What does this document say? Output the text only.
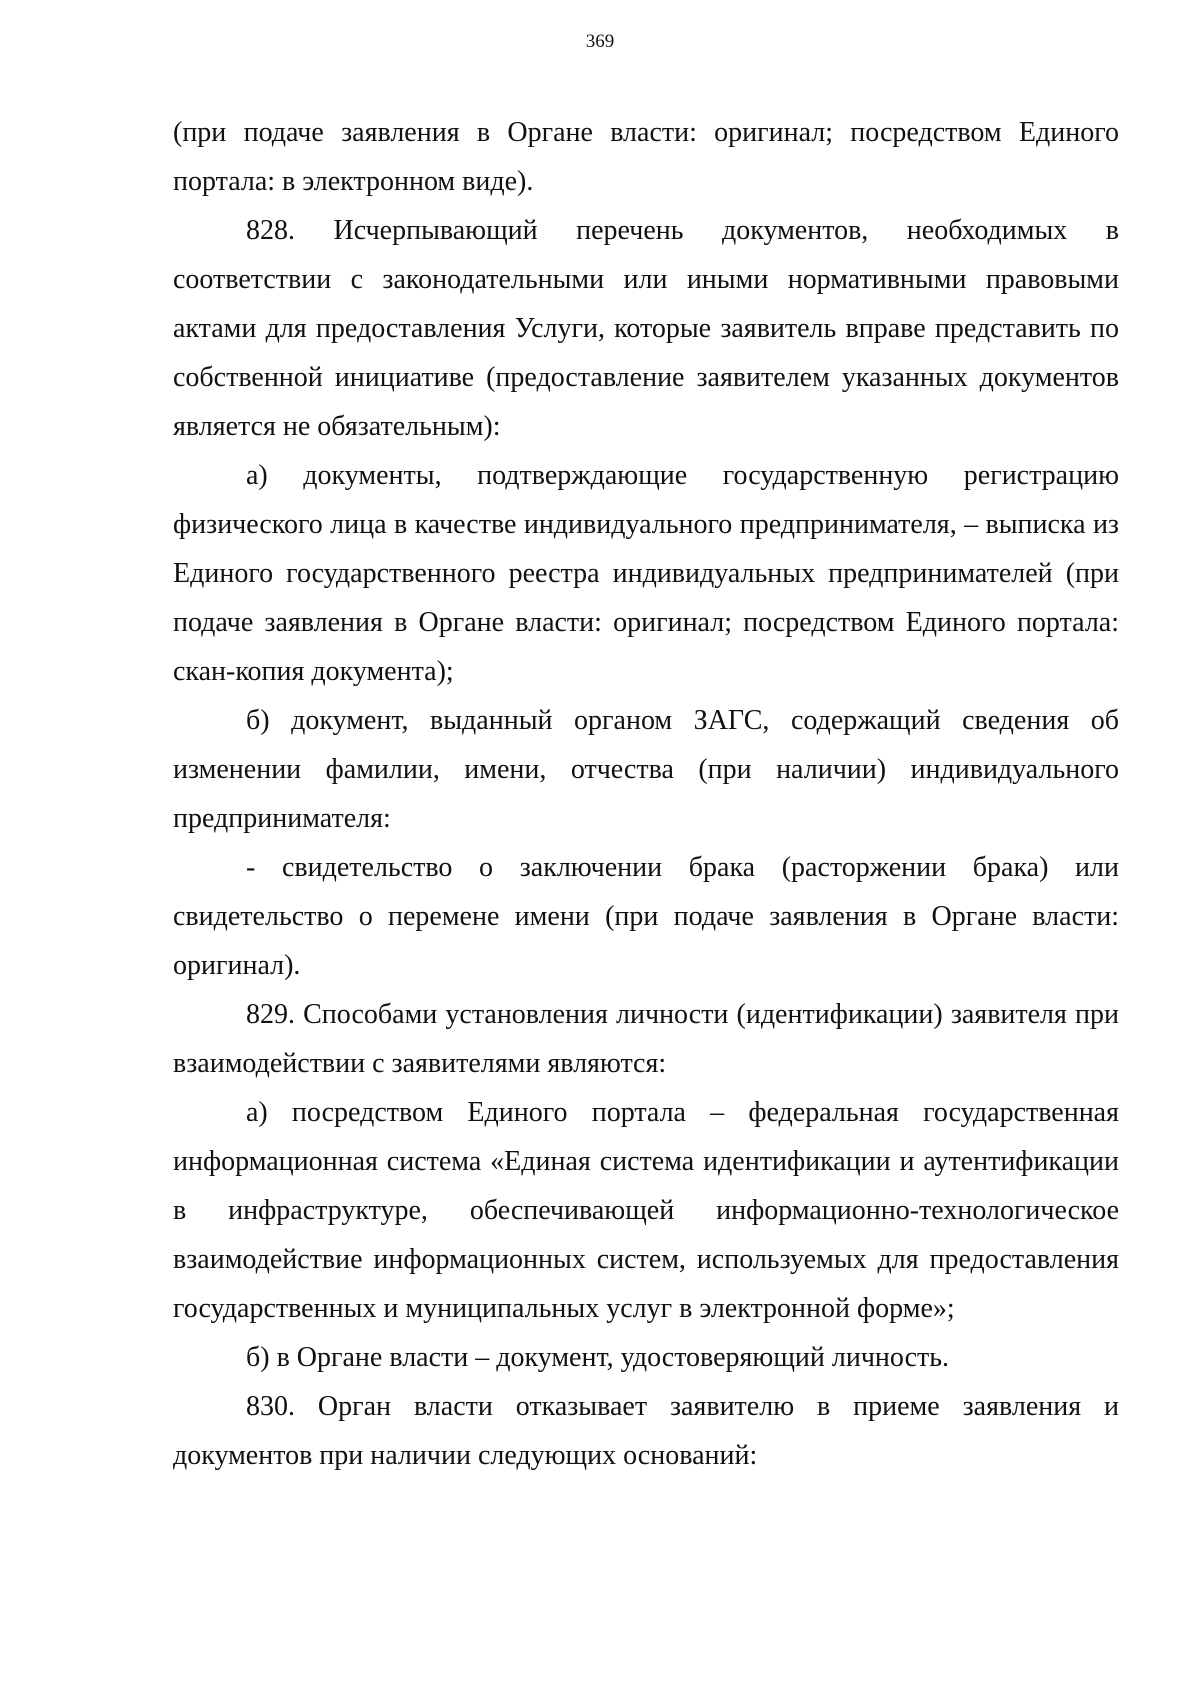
369

(при подаче заявления в Органе власти: оригинал; посредством Единого портала: в электронном виде).

828. Исчерпывающий перечень документов, необходимых в соответствии с законодательными или иными нормативными правовыми актами для предоставления Услуги, которые заявитель вправе представить по собственной инициативе (предоставление заявителем указанных документов является не обязательным):

а) документы, подтверждающие государственную регистрацию физического лица в качестве индивидуального предпринимателя, – выписка из Единого государственного реестра индивидуальных предпринимателей (при подаче заявления в Органе власти: оригинал; посредством Единого портала: скан-копия документа);

б) документ, выданный органом ЗАГС, содержащий сведения об изменении фамилии, имени, отчества (при наличии) индивидуального предпринимателя:

- свидетельство о заключении брака (расторжении брака) или свидетельство о перемене имени (при подаче заявления в Органе власти: оригинал).

829. Способами установления личности (идентификации) заявителя при взаимодействии с заявителями являются:

а) посредством Единого портала – федеральная государственная информационная система «Единая система идентификации и аутентификации в инфраструктуре, обеспечивающей информационно-технологическое взаимодействие информационных систем, используемых для предоставления государственных и муниципальных услуг в электронной форме»;

б) в Органе власти – документ, удостоверяющий личность.

830. Орган власти отказывает заявителю в приеме заявления и документов при наличии следующих оснований:
